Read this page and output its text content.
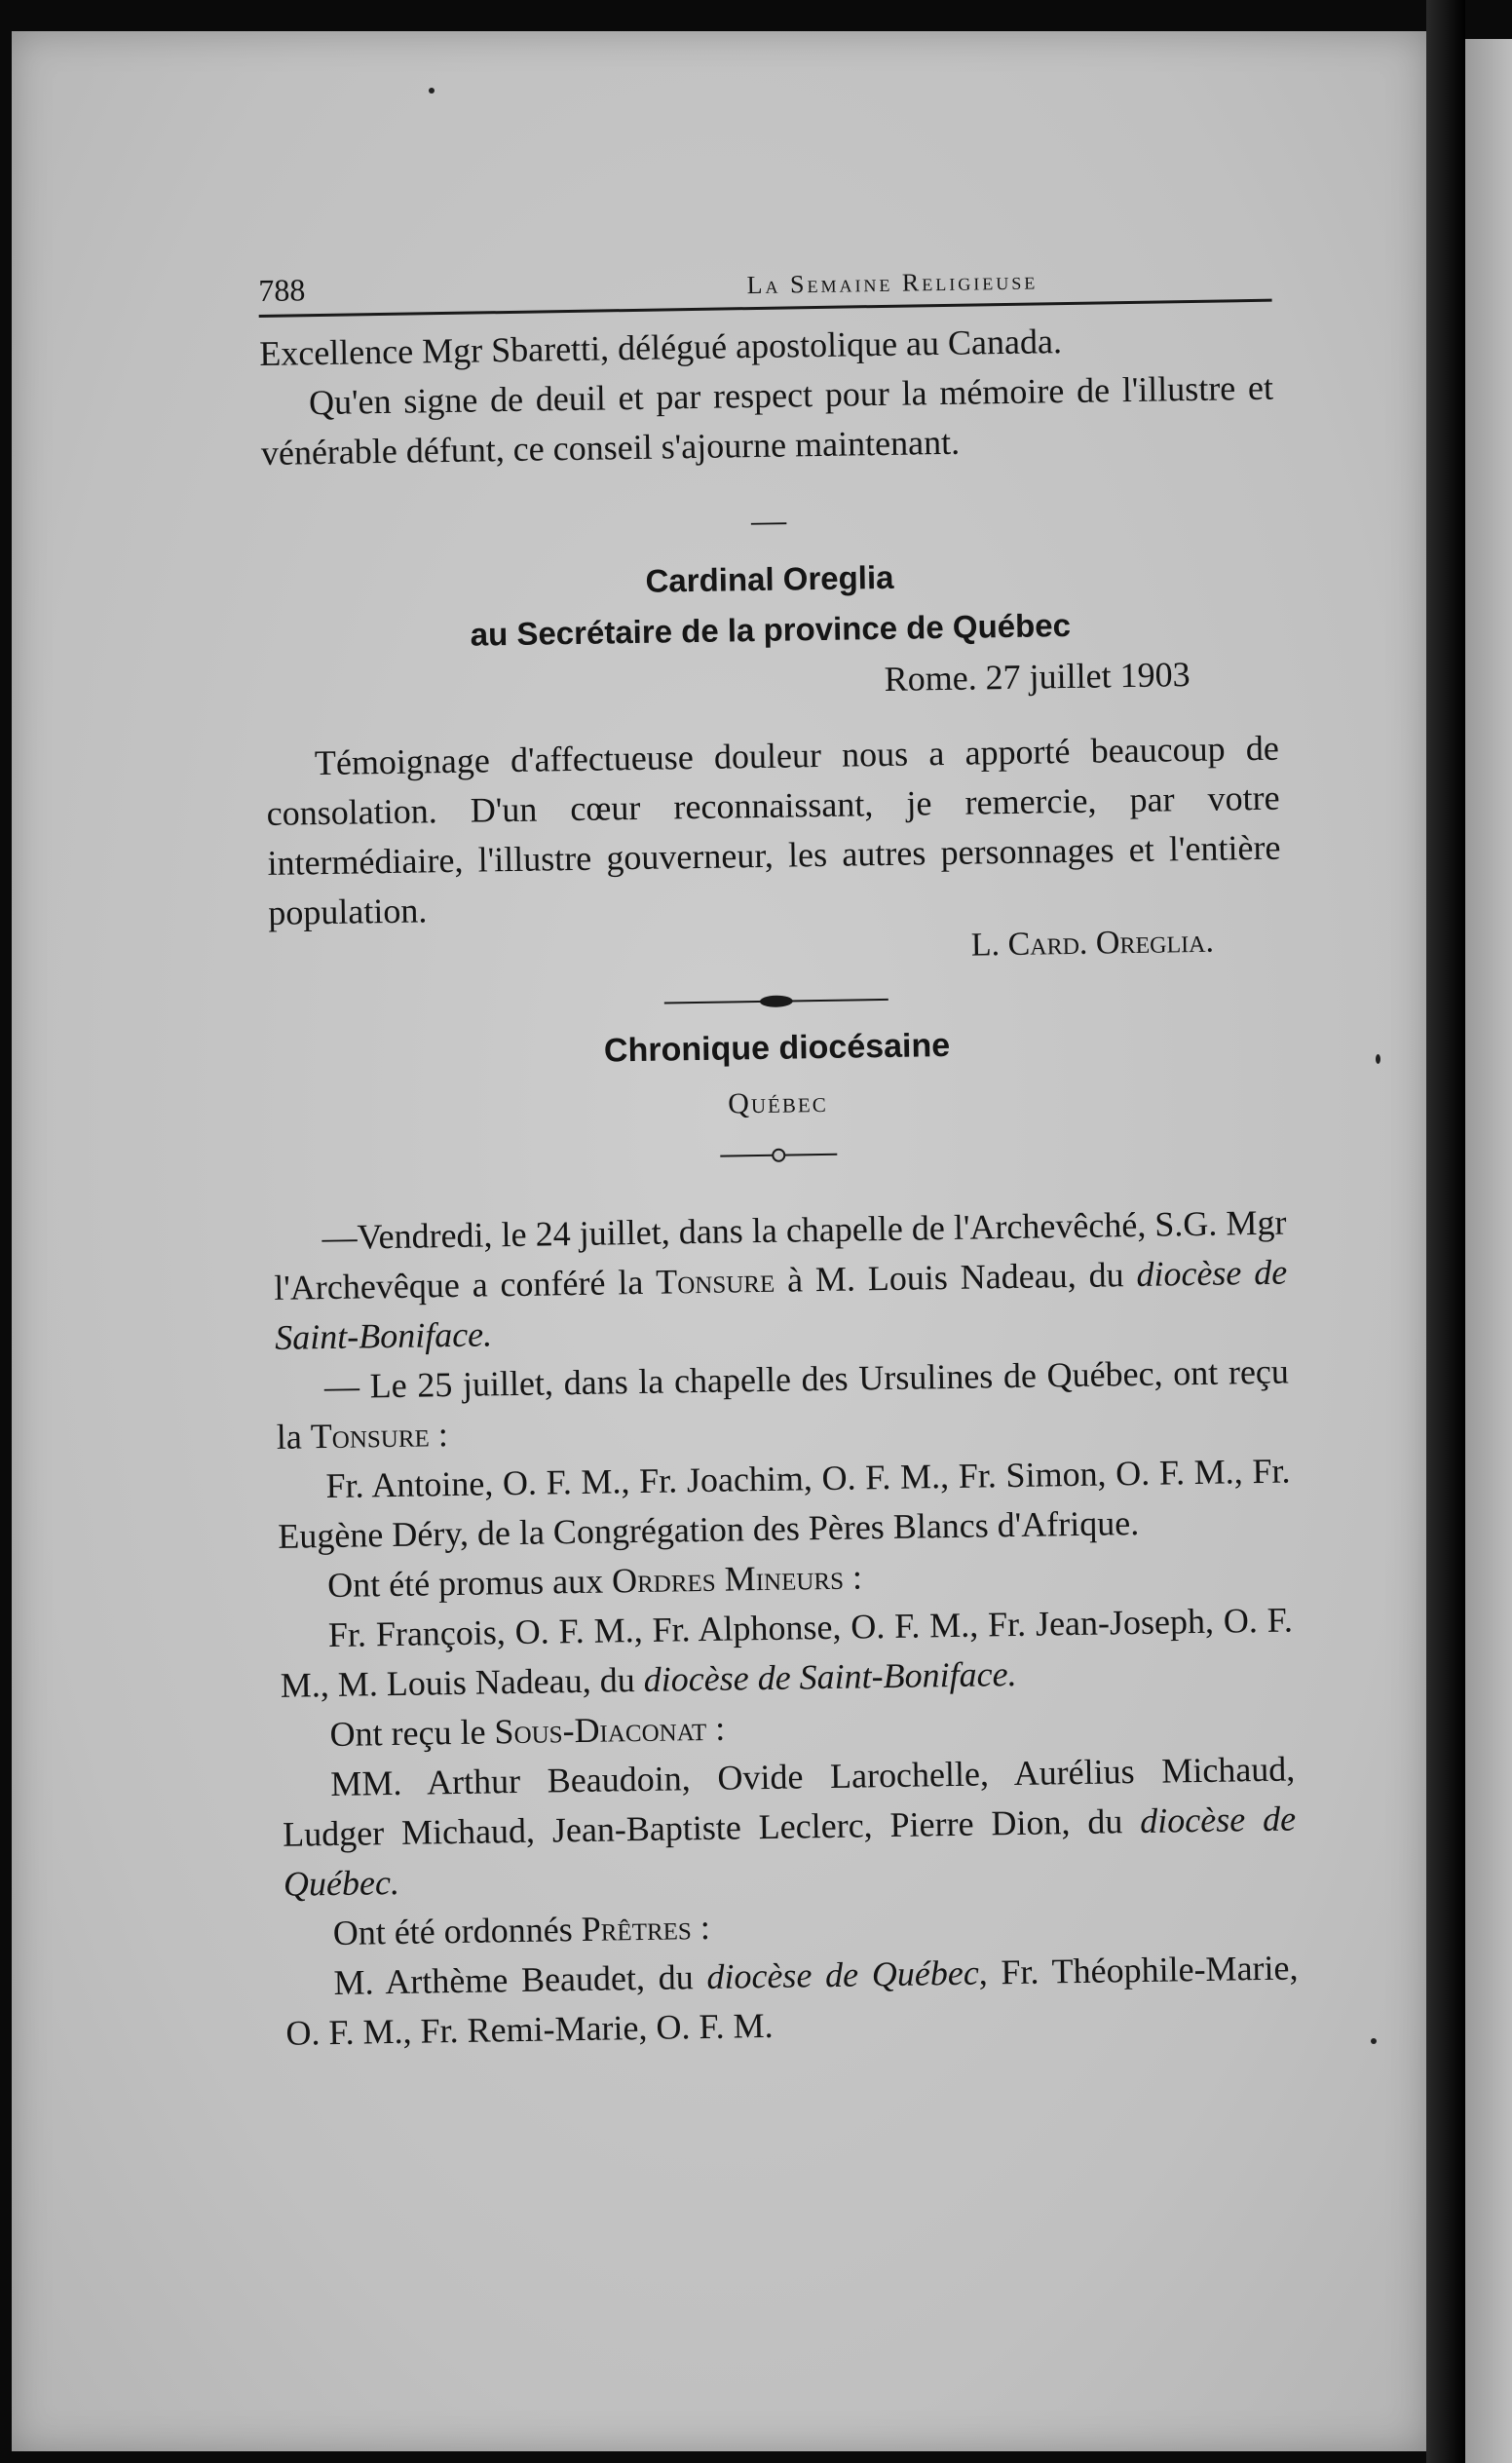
788	La Semaine Religieuse

Excellence Mgr Sbaretti, délégué apostolique au Canada.

Qu'en signe de deuil et par respect pour la mémoire de l'illustre et vénérable défunt, ce conseil s'ajourne maintenant.

—
Cardinal Oreglia
au Secrétaire de la province de Québec
Rome. 27 juillet 1903

Témoignage d'affectueuse douleur nous a apporté beaucoup de consolation. D'un cœur reconnaissant, je remercie, par votre intermédiaire, l'illustre gouverneur, les autres personnages et l'entière population.

L. Card. Oreglia.
Chronique diocésaine
Québec

—Vendredi, le 24 juillet, dans la chapelle de l'Archevêché, S.G. Mgr l'Archevêque a conféré la Tonsure à M. Louis Nadeau, du diocèse de Saint-Boniface.

— Le 25 juillet, dans la chapelle des Ursulines de Québec, ont reçu la Tonsure :

Fr. Antoine, O. F. M., Fr. Joachim, O. F. M., Fr. Simon, O. F. M., Fr. Eugène Déry, de la Congrégation des Pères Blancs d'Afrique.

Ont été promus aux Ordres Mineurs :

Fr. François, O. F. M., Fr. Alphonse, O. F. M., Fr. Jean-Joseph, O. F. M., M. Louis Nadeau, du diocèse de Saint-Boniface.

Ont reçu le Sous-Diaconat :

MM. Arthur Beaudoin, Ovide Larochelle, Aurélius Michaud, Ludger Michaud, Jean-Baptiste Leclerc, Pierre Dion, du diocèse de Québec.

Ont été ordonnés Prêtres :

M. Arthème Beaudet, du diocèse de Québec, Fr. Théophile-Marie, O. F. M., Fr. Remi-Marie, O. F. M.
